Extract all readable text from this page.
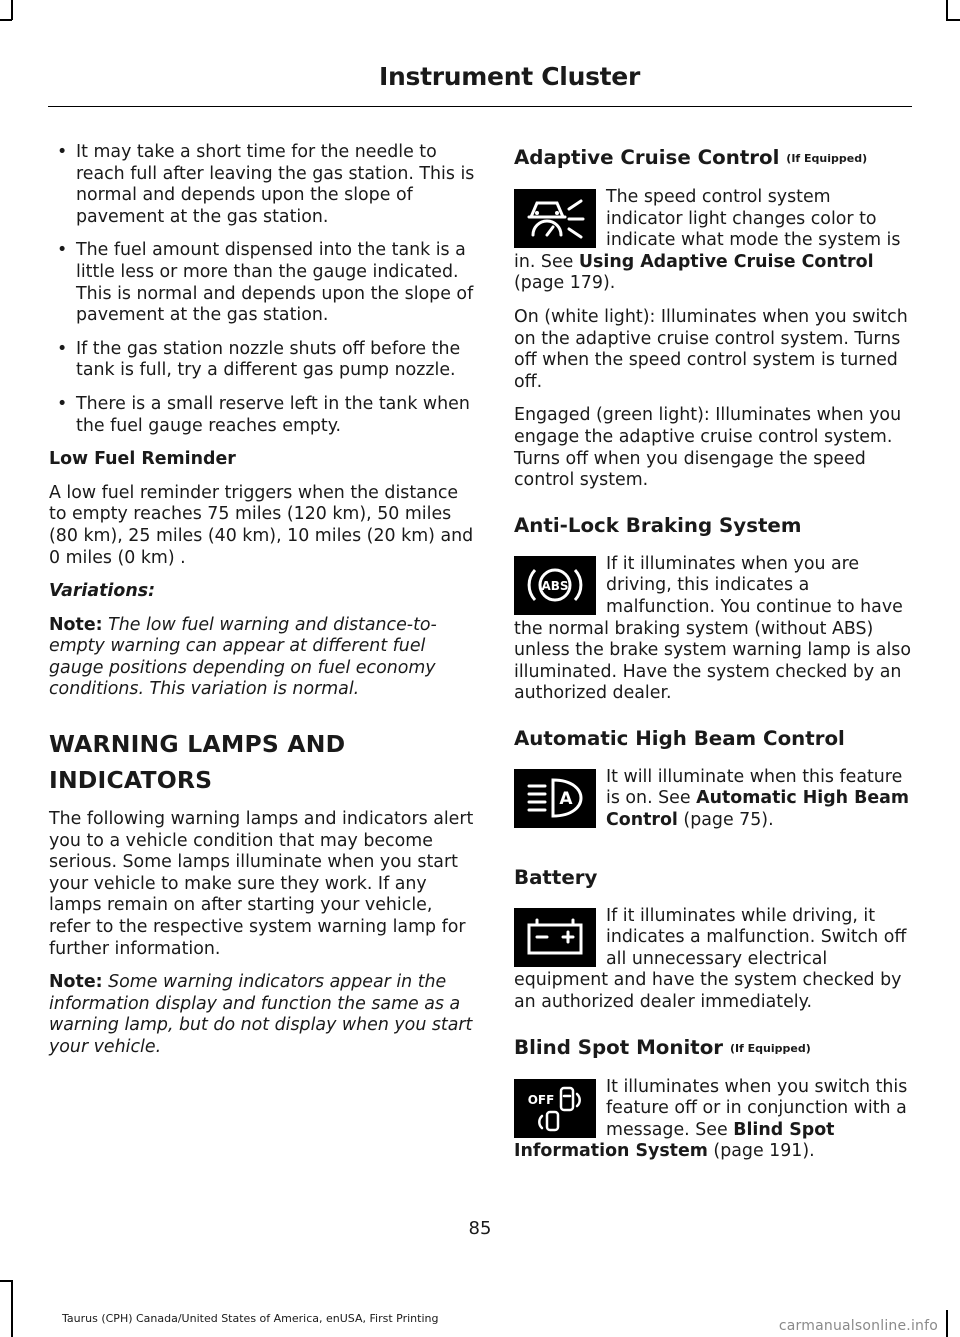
Instrument Cluster
• It may take a short time for the needle to reach full after leaving the gas station. This is normal and depends upon the slope of pavement at the gas station.
• The fuel amount dispensed into the tank is a little less or more than the gauge indicated. This is normal and depends upon the slope of pavement at the gas station.
• If the gas station nozzle shuts off before the tank is full, try a different gas pump nozzle.
• There is a small reserve left in the tank when the fuel gauge reaches empty.

Low Fuel Reminder

A low fuel reminder triggers when the distance to empty reaches 75 miles (120 km), 50 miles (80 km), 25 miles (40 km), 10 miles (20 km) and 0 miles (0 km) .

Variations:

Note: The low fuel warning and distance-to-empty warning can appear at different fuel gauge positions depending on fuel economy conditions. This variation is normal.

WARNING LAMPS AND
INDICATORS

The following warning lamps and indicators alert you to a vehicle condition that may become serious. Some lamps illuminate when you start your vehicle to make sure they work. If any lamps remain on after starting your vehicle, refer to the respective system warning lamp for further information.

Note: Some warning indicators appear in the information display and function the same as a warning lamp, but do not display when you start your vehicle.

Adaptive Cruise Control (If Equipped)

The speed control system indicator light changes color to indicate what mode the system is in. See Using Adaptive Cruise Control (page 179).

On (white light): Illuminates when you switch on the adaptive cruise control system. Turns off when the speed control system is turned off.

Engaged (green light): Illuminates when you engage the adaptive cruise control system. Turns off when you disengage the speed control system.

Anti-Lock Braking System
ABS

If it illuminates when you are driving, this indicates a malfunction. You continue to have the normal braking system (without ABS) unless the brake system warning lamp is also illuminated. Have the system checked by an authorized dealer.

Automatic High Beam Control
A

It will illuminate when this feature is on. See Automatic High Beam Control (page 75).

Battery

If it illuminates while driving, it indicates a malfunction. Switch off all unnecessary electrical equipment and have the system checked by an authorized dealer immediately.

Blind Spot Monitor (If Equipped)
OFF

It illuminates when you switch this feature off or in conjunction with a message. See Blind Spot Information System (page 191).

85
Taurus (CPH) Canada/United States of America, enUSA, First Printing	carmanualsonline.info
